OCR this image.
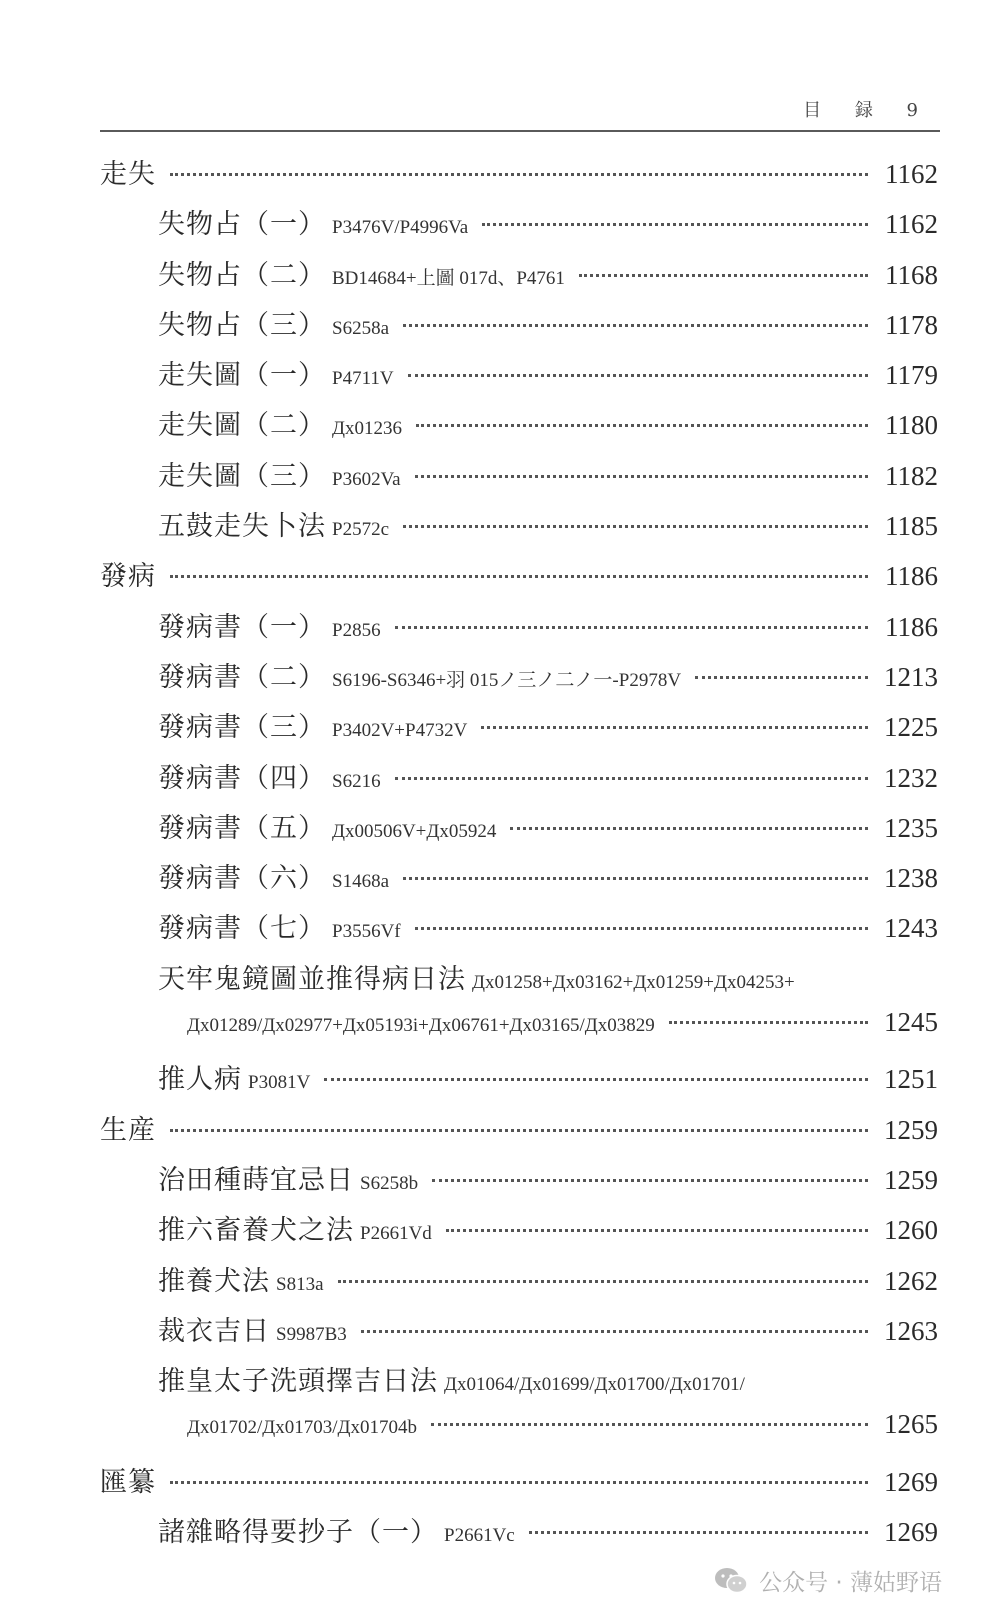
目 録 9
走失	1162
失物占（一） P3476V/P4996Va	1162
失物占（二） BD14684+上圖 017d、P4761	1168
失物占（三） S6258a	1178
走失圖（一） P4711V	1179
走失圖（二） Дх01236	1180
走失圖（三） P3602Va	1182
五鼓走失卜法 P2572c	1185
發病	1186
發病書（一） P2856	1186
發病書（二） S6196-S6346+羽 015ノ三ノ二ノ一-P2978V	1213
發病書（三） P3402V+P4732V	1225
發病書（四） S6216	1232
發病書（五） Дх00506V+Дх05924	1235
發病書（六） S1468a	1238
發病書（七） P3556Vf	1243
天牢鬼鏡圖並推得病日法 Дх01258+Дх03162+Дх01259+Дх04253+
Дх01289/Дх02977+Дх05193i+Дх06761+Дх03165/Дх03829	1245
推人病 P3081V	1251
生産	1259
治田種蒔宜忌日 S6258b	1259
推六畜養犬之法 P2661Vd	1260
推養犬法 S813a	1262
裁衣吉日 S9987B3	1263
推皇太子洗頭擇吉日法 Дх01064/Дх01699/Дх01700/Дх01701/
Дх01702/Дх01703/Дх01704b	1265
匯纂	1269
諸雜略得要抄子（一） P2661Vc	1269
公众号 · 薄姑野语
